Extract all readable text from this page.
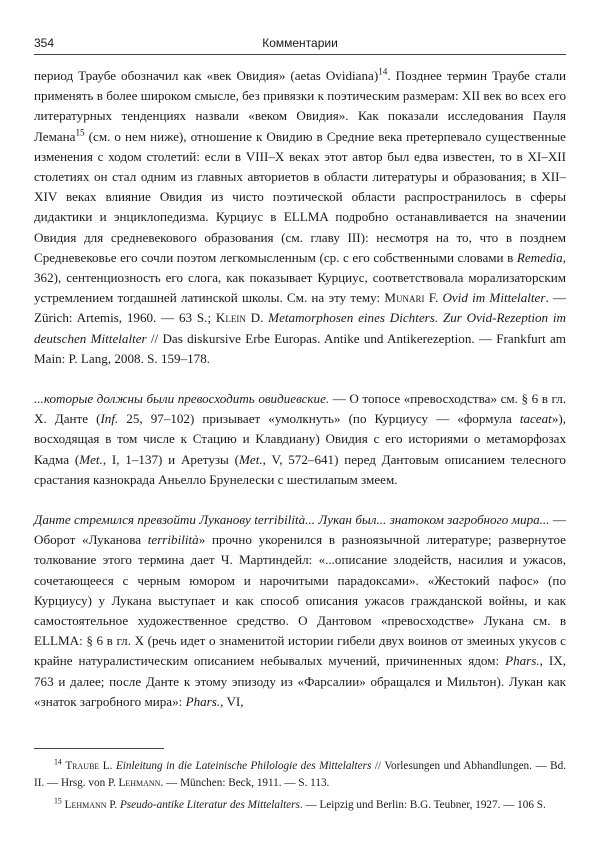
354	Комментарии

период Траубе обозначил как «век Овидия» (aetas Ovidiana)$^{14}$. Позднее термин Траубе стали применять в более широком смысле, без привязки к поэтическим размерам: XII век во всех его литературных тенденциях назвали «веком Овидия». Как показали исследования Пауля Лемана$^{15}$ (см. о нем ниже), отношение к Овидию в Средние века претерпевало существенные изменения с ходом столетий: если в VIII–X веках этот автор был едва известен, то в XI–XII столетиях он стал одним из главных авториетов в области литературы и образования; в XII–XIV веках влияние Овидия из чисто поэтической области распространилось в сферы дидактики и энциклопедизма. Курциус в ELLMA подробно останавливается на значении Овидия для средневекового образования (см. главу III): несмотря на то, что в позднем Средневековье его сочли поэтом легкомысленным (ср. с его собственными словами в Remedia, 362), сентенциозность его слога, как показывает Курциус, соответствовала морализаторским устремлением тогдашней латинской школы. См. на эту тему: Munari F. Ovid im Mittelalter. — Zürich: Artemis, 1960. — 63 S.; Klein D. Metamorphosen eines Dichters. Zur Ovid-Rezeption im deutschen Mittelalter // Das diskursive Erbe Europas. Antike und Antikerezeption. — Frankfurt am Main: P. Lang, 2008. S. 159–178.

...которые должны были превосходить овидиевские. — О топосе «превосходства» см. § 6 в гл. X. Данте (Inf. 25, 97–102) призывает «умолкнуть» (по Курциусу — «формула taceat»), восходящая в том числе к Стацию и Клавдиану) Овидия с его историями о метаморфозах Кадма (Met., I, 1–137) и Аретузы (Met., V, 572–641) перед Дантовым описанием телесного срастания казнокрада Аньелло Брунелески с шестилапым змеем.

Данте стремился превзойти Луканову terribilità... Лукан был... знатоком загробного мира... — Оборот «Луканова terribilità» прочно укоренился в разноязычной литературе; развернутое толкование этого термина дает Ч. Мартиндейл: «...описание злодейств, насилия и ужасов, сочетающееся с черным юмором и нарочитыми парадоксами». «Жестокий пафос» (по Курциусу) у Лукана выступает и как способ описания ужасов гражданской войны, и как самостоятельное художественное средство. О Дантовом «превосходстве» Лукана см. в ELLMA: § 6 в гл. X (речь идет о знаменитой истории гибели двух воинов от змеиных укусов с крайне натуралистическим описанием небывалых мучений, причиненных ядом: Phars., IX, 763 и далее; после Данте к этому эпизоду из «Фарсалии» обращался и Мильтон). Лукан как «знаток загробного мира»: Phars., VI,

$^{14}$ Traube L. Einleitung in die Lateinische Philologie des Mittelalters // Vorlesungen und Abhandlungen. — Bd. II. — Hrsg. von P. Lehmann. — München: Beck, 1911. — S. 113.

$^{15}$ Lehmann P. Pseudo-antike Literatur des Mittelalters. — Leipzig und Berlin: B.G. Teubner, 1927. — 106 S.
